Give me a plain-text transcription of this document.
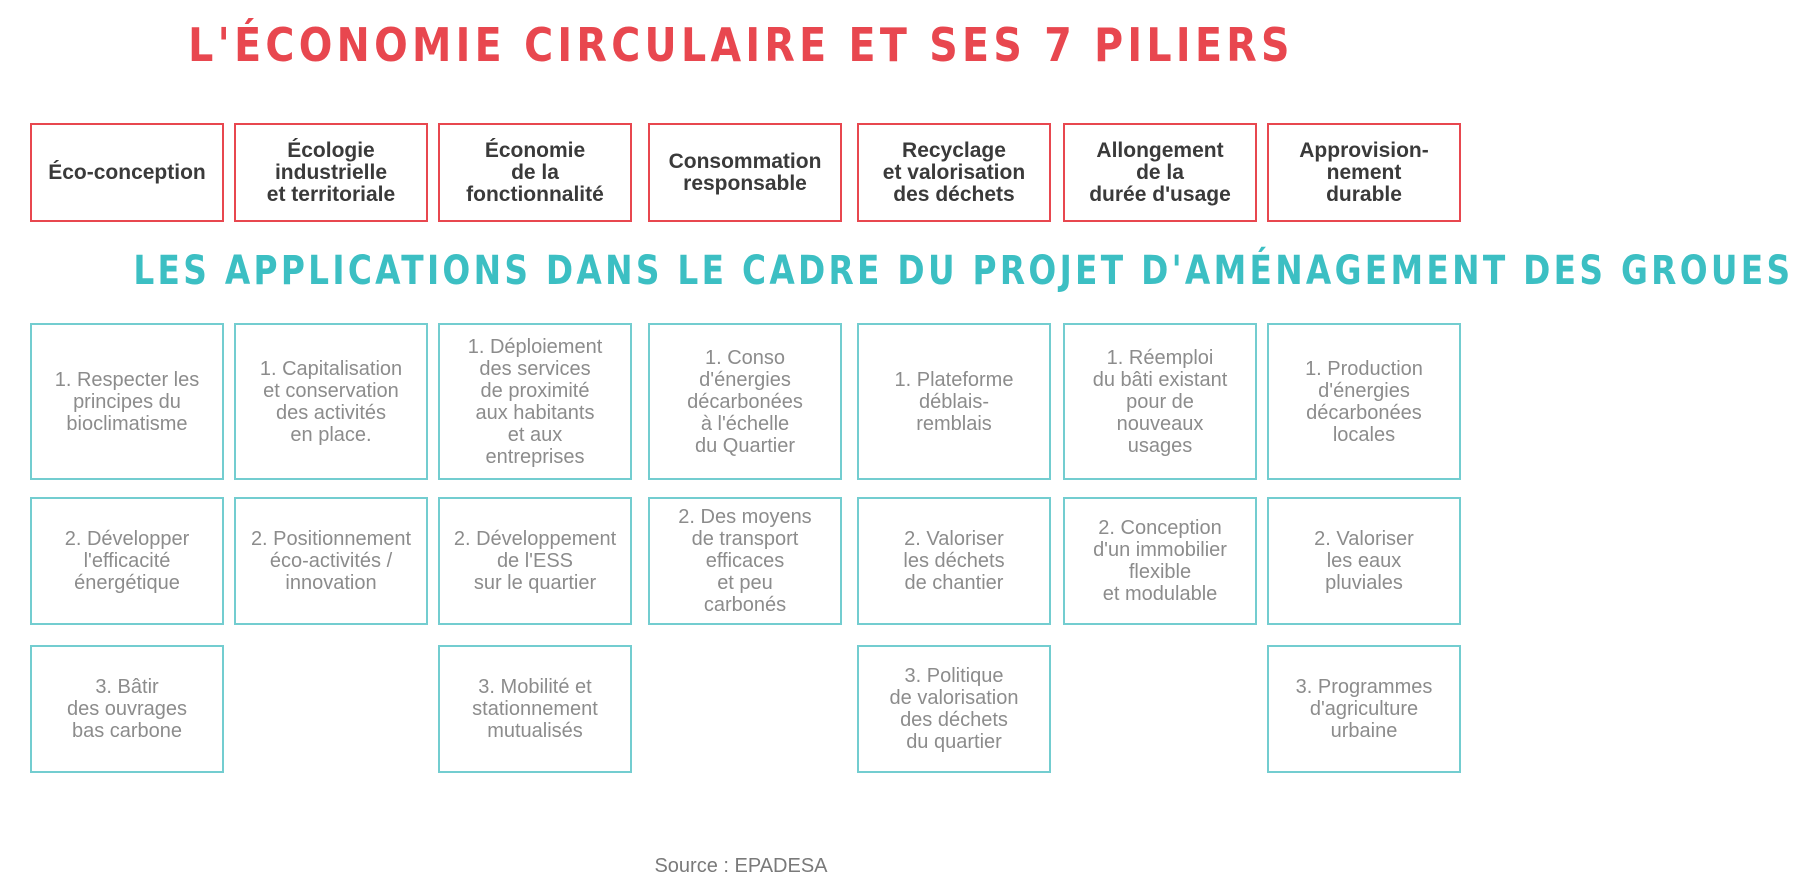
L'ÉCONOMIE CIRCULAIRE ET SES 7 PILIERS
Éco-conception
Écologie
industrielle
et territoriale
Économie
de la
fonctionnalité
Consommation
responsable
Recyclage
et valorisation
des déchets
Allongement
de la
durée d'usage
Approvision-
nement
durable
LES APPLICATIONS DANS LE CADRE DU PROJET D'AMÉNAGEMENT DES GROUES
1. Respecter les
principes du
bioclimatisme
1. Capitalisation
et conservation
des activités
en place.
1. Déploiement
des services
de proximité
aux habitants
et aux
entreprises
1. Conso
d'énergies
décarbonées
à l'échelle
du Quartier
1. Plateforme
déblais-
remblais
1. Réemploi
du bâti existant
pour de
nouveaux
usages
1. Production
d'énergies
décarbonées
locales
2. Développer
l'efficacité
énergétique
2. Positionnement
éco-activités /
innovation
2. Développement
de l'ESS
sur le quartier
2. Des moyens
de transport
efficaces
et peu
carbonés
2. Valoriser
les déchets
de chantier
2. Conception
d'un immobilier
flexible
et modulable
2. Valoriser
les eaux
pluviales
3. Bâtir
des ouvrages
bas carbone
3. Mobilité et
stationnement
mutualisés
3. Politique
de valorisation
des déchets
du quartier
3. Programmes
d'agriculture
urbaine
Source : EPADESA
